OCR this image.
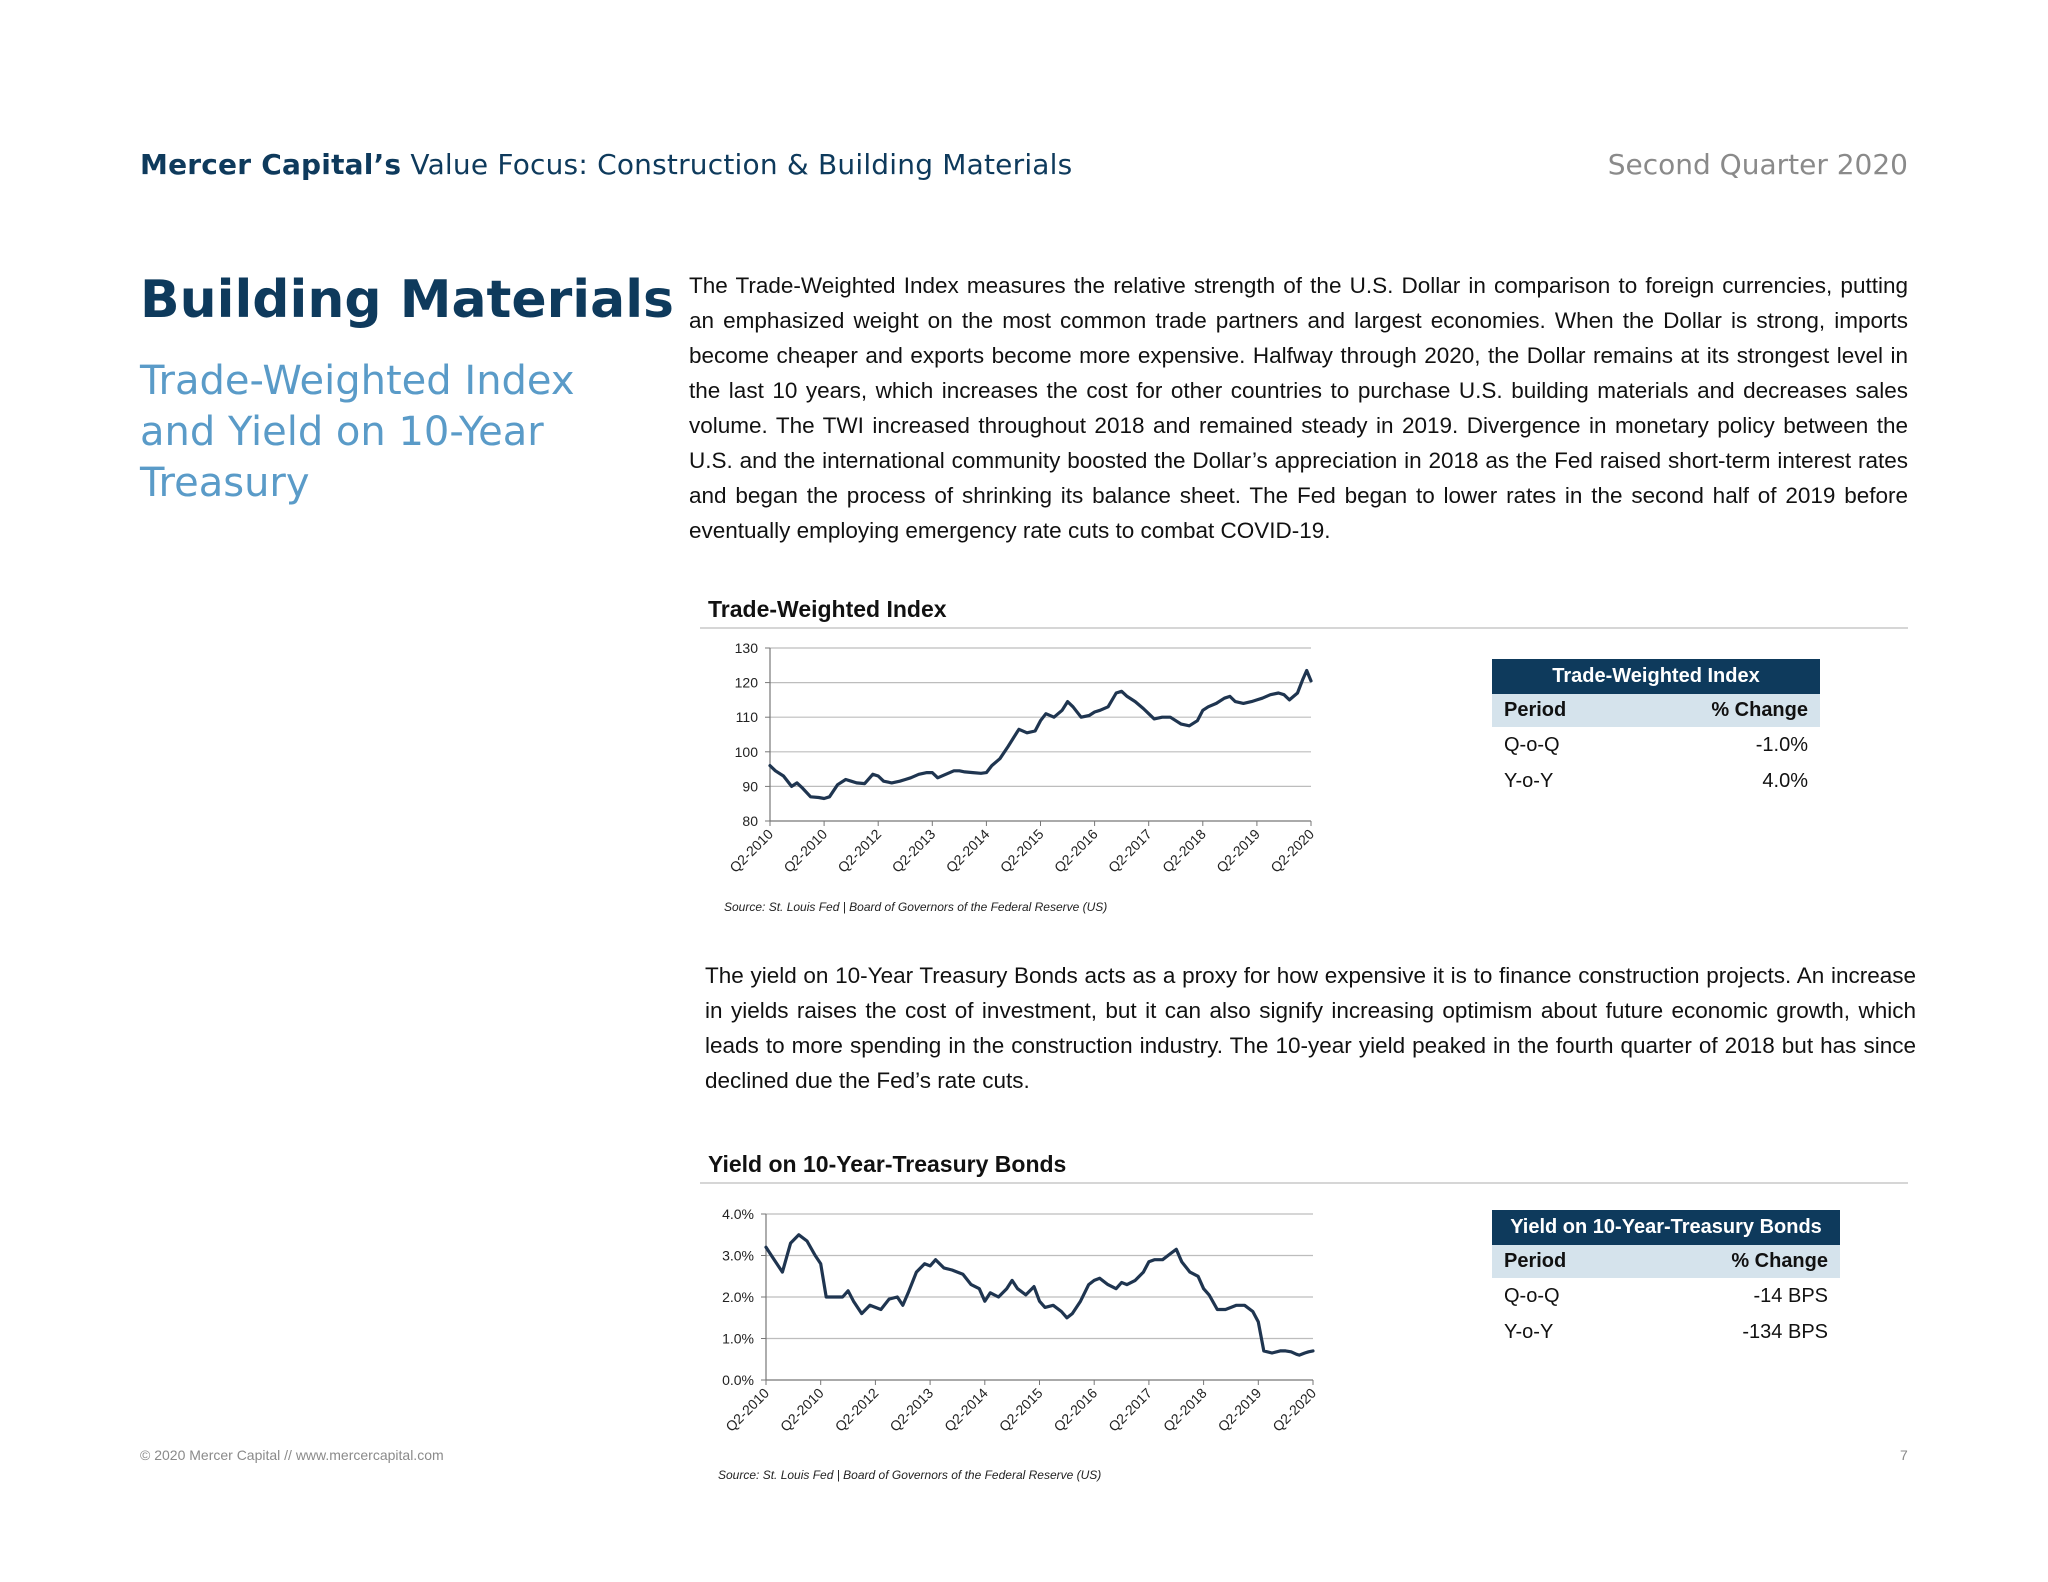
Mercer Capital’s Value Focus: Construction & Building Materials	Second Quarter 2020
Building Materials
Trade-Weighted Index and Yield on 10-Year Treasury
The Trade-Weighted Index measures the relative strength of the U.S. Dollar in comparison to foreign currencies, putting an emphasized weight on the most common trade partners and largest economies. When the Dollar is strong, imports become cheaper and exports become more expensive. Halfway through 2020, the Dollar remains at its strongest level in the last 10 years, which increases the cost for other countries to purchase U.S. building materials and decreases sales volume. The TWI increased throughout 2018 and remained steady in 2019. Divergence in monetary policy between the U.S. and the international community boosted the Dollar’s appreciation in 2018 as the Fed raised short-term interest rates and began the process of shrinking its balance sheet. The Fed began to lower rates in the second half of 2019 before eventually employing emergency rate cuts to combat COVID-19.
The yield on 10-Year Treasury Bonds acts as a proxy for how expensive it is to finance construction projects. An increase in yields raises the cost of investment, but it can also signify increasing optimism about future economic growth, which leads to more spending in the construction industry. The 10-year yield peaked in the fourth quarter of 2018 but has since declined due the Fed’s rate cuts.
Trade-Weighted Index
80
90
100
110
120
130
Q2-2010 Q2-2010 Q2-2012 Q2-2013 Q2-2014 Q2-2015 Q2-2016 Q2-2017 Q2-2018 Q2-2019 Q2-2020
Source: St. Louis Fed | Board of Governors of the Federal Reserve (US)
Trade-Weighted Index	
Period	% Change
Q-o-Q	-1.0%
Y-o-Y	4.0%
Yield on 10-Year-Treasury Bonds
0.0%
1.0%
2.0%
3.0%
4.0%
Q2-2010 Q2-2010 Q2-2012 Q2-2013 Q2-2014 Q2-2015 Q2-2016 Q2-2017 Q2-2018 Q2-2019 Q2-2020
Source: St. Louis Fed | Board of Governors of the Federal Reserve (US)
Yield on 10-Year-Treasury Bonds	
Period	% Change
Q-o-Q	-14 BPS
Y-o-Y	-134 BPS
© 2020 Mercer Capital // www.mercercapital.com	7
